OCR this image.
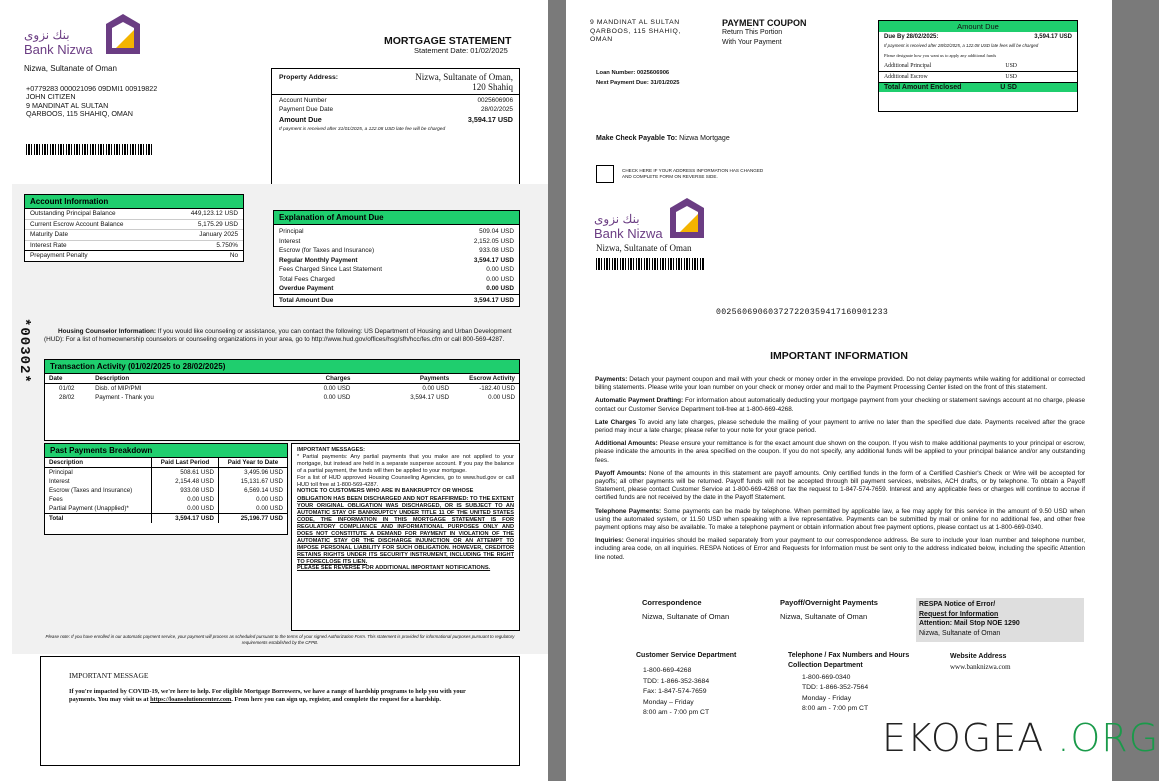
بنك نزوى
Bank Nizwa
Nizwa, Sultanate of Oman
MORTGAGE STATEMENT
Statement Date: 01/02/2025
+0779283 000021096 09DMI1 00919822
JOHN CITIZEN
9 MANDINAT AL SULTAN
QARBOOS, 115 SHAHIQ, OMAN
Property Address:	Nizwa, Sultanate of Oman,
120 Shahiq
Account Number	0025606906
Payment Due Date	28/02/2025
Amount Due	3,594.17 USD
If payment is received after 31/01/2025, a 122.08 USD late fee will be charged
Account Information
Outstanding Principal Balance	449,123.12 USD
Current Escrow Account Balance	5,175.29 USD
Maturity Date	January 2025
Interest Rate	5.750%
Prepayment Penalty	No
Explanation of Amount Due
Principal	509.04 USD
Interest	2,152.05 USD
Escrow (for Taxes and Insurance)	933.08 USD
Regular Monthly Payment	3,594.17 USD
Fees Charged Since Last Statement	0.00 USD
Total Fees Charged	0.00 USD
Overdue Payment	0.00 USD
Total Amount Due	3,594.17 USD
*00302*	Housing Counselor Information: If you would like counseling or assistance, you can contact the following: US Department of Housing and Urban Development (HUD): For a list of homeownership counselors or counseling organizations in your area, go to http://www.hud.gov/offices/hsg/sfh/hcc/fes.cfm or call 800-569-4287.
Transaction Activity (01/02/2025 to 28/02/2025)
Date	Description	Charges	Payments	Escrow Activity
01/02	Disb. of MIP/PMI	0.00 USD	0.00 USD	-182.40 USD
28/02	Payment - Thank you	0.00 USD	3,594.17 USD	0.00 USD
Past Payments Breakdown
Description	Paid Last Period	Paid Year to Date
Principal	508.61 USD	3,495.96 USD
Interest	2,154.48 USD	15,131.67 USD
Escrow (Taxes and Insurance)	933.08 USD	6,569.14 USD
Fees	0.00 USD	0.00 USD
Partial Payment (Unapplied)*	0.00 USD	0.00 USD
Total	3,594.17 USD	25,196.77 USD
IMPORTANT MESSAGES:
* Partial payments: Any partial payments that you make are not applied to your mortgage, but instead are held in a separate suspense account. If you pay the balance of a partial payment, the funds will then be applied to your mortgage.
For a list of HUD approved Housing Counseling Agencies, go to www.hud.gov or call HUD toll free at 1-800-569-4287.
NOTICE TO CUSTOMERS WHO ARE IN BANKRUPTCY OR WHOSE
OBLIGATION HAS BEEN DISCHARGED AND NOT REAFFIRMED: TO THE EXTENT YOUR ORIGINAL OBLIGATION WAS DISCHARGED, OR IS SUBJECT TO AN AUTOMATIC STAY OF BANKRUPTCY UNDER TITLE 11 OF THE UNITED STATES CODE, THE INFORMATION IN THIS MORTGAGE STATEMENT IS FOR REGULATORY COMPLIANCE AND INFORMATIONAL PURPOSES ONLY AND DOES NOT CONSTITUTE A DEMAND FOR PAYMENT IN VIOLATION OF THE AUTOMATIC STAY OR THE DISCHARGE INJUNCTION OR AN ATTEMPT TO IMPOSE PERSONAL LIABILITY FOR SUCH OBLIGATION. HOWEVER, CREDITOR RETAINS RIGHTS UNDER ITS SECURITY INSTRUMENT, INCLUDING THE RIGHT TO FORECLOSE ITS LIEN.
PLEASE SEE REVERSE FOR ADDITIONAL IMPORTANT NOTIFICATIONS.
Please note: If you have enrolled in our automatic payment service, your payment will process as scheduled pursuant to the terms of your signed Authorization Form. This statement is provided for informational purposes pursuant to regulatory requirements established by the CFPB.
IMPORTANT MESSAGE
If you're impacted by COVID-19, we're here to help. For eligible Mortgage Borrowers, we have a range of hardship programs to help you with your payments. You may visit us at https://loansolutioncenter.com. From here you can sign up, register, and complete the request for a hardship.
9 MANDINAT AL SULTAN
QARBOOS, 115 SHAHIQ,
OMAN
PAYMENT COUPON
Return This Portion
With Your Payment
Loan Number: 0025606906
Next Payment Due: 31/01/2025
Amount Due
Due By 28/02/2025:	3,594.17 USD
If payment is received after 28/02/2025, a 122.08 USD late fees will be charged
Please designate how you want us to apply any additional funds
Additional Principal	USD
Additional Escrow	USD
Total Amount Enclosed	U SD
Make Check Payable To: Nizwa Mortgage
CHECK HERE IF YOUR ADDRESS INFORMATION HAS CHANGED AND COMPLETE FORM ON REVERSE SIDE.
بنك نزوى
Bank Nizwa
Nizwa, Sultanate of Oman
002560690603727220359417160901233
IMPORTANT INFORMATION

Payments: Detach your payment coupon and mail with your check or money order in the envelope provided. Do not delay payments while waiting for additional or corrected billing statements. Please write your loan number on your check or money order and mail to the Payment Processing Center listed on the front of this statement.

Automatic Payment Drafting: For information about automatically deducting your mortgage payment from your checking or statement savings account at no charge, please contact our Customer Service Department toll-free at 1-800-669-4268.

Late Charges To avoid any late charges, please schedule the mailing of your payment to arrive no later than the specified due date. Payments received after the grace period may incur a late charge; please refer to your note for your grace period.

Additional Amounts: Please ensure your remittance is for the exact amount due shown on the coupon. If you wish to make additional payments to your principal or escrow, please indicate the amounts in the area specified on the coupon. If you do not specify, any additional funds will be applied to your principal balance and/or any outstanding fees.

Payoff Amounts: None of the amounts in this statement are payoff amounts. Only certified funds in the form of a Certified Cashier's Check or Wire will be accepted for payoffs; all other payments will be returned. Payoff funds will not be accepted through bill payment services, websites, ACH drafts, or by telephone. To obtain a Payoff Statement, please contact Customer Service at 1-800-669-4268 or fax the request to 1-847-574-7659. Interest and any applicable fees or charges will continue to accrue if certified funds are not received by the date in the Payoff Statement.

Telephone Payments: Some payments can be made by telephone. When permitted by applicable law, a fee may apply for this service in the amount of 9.50 USD when using the automated system, or 11.50 USD when speaking with a live representative. Payments can be submitted by mail or online for no additional fee, and other free payment options may also be available. To make a telephone payment or obtain information about free payment options, please contact us at 1-800-669-0340.

Inquiries: General inquiries should be mailed separately from your payment to our correspondence address. Be sure to include your loan number and telephone number, including area code, on all inquiries. RESPA Notices of Error and Requests for Information must be sent only to the address indicated below, including the specific Attention line noted.

Correspondence
Nizwa, Sultanate of Oman
Payoff/Overnight Payments
Nizwa, Sultanate of Oman
RESPA Notice of Error/
Request for Information
Attention: Mail Stop NOE 1290
Nizwa, Sultanate of Oman
Customer Service Department
1-800-669-4268
TDD: 1-866-352-3684
Fax: 1-847-574-7659
Monday – Friday
8:00 am - 7:00 pm CT
Telephone / Fax Numbers and Hours
Collection Department
1-800-669-0340
TDD: 1-866-352-7564
Monday - Friday
8:00 am - 7:00 pm CT
Website Address
www.banknizwa.com
EKOGEA .ORG
